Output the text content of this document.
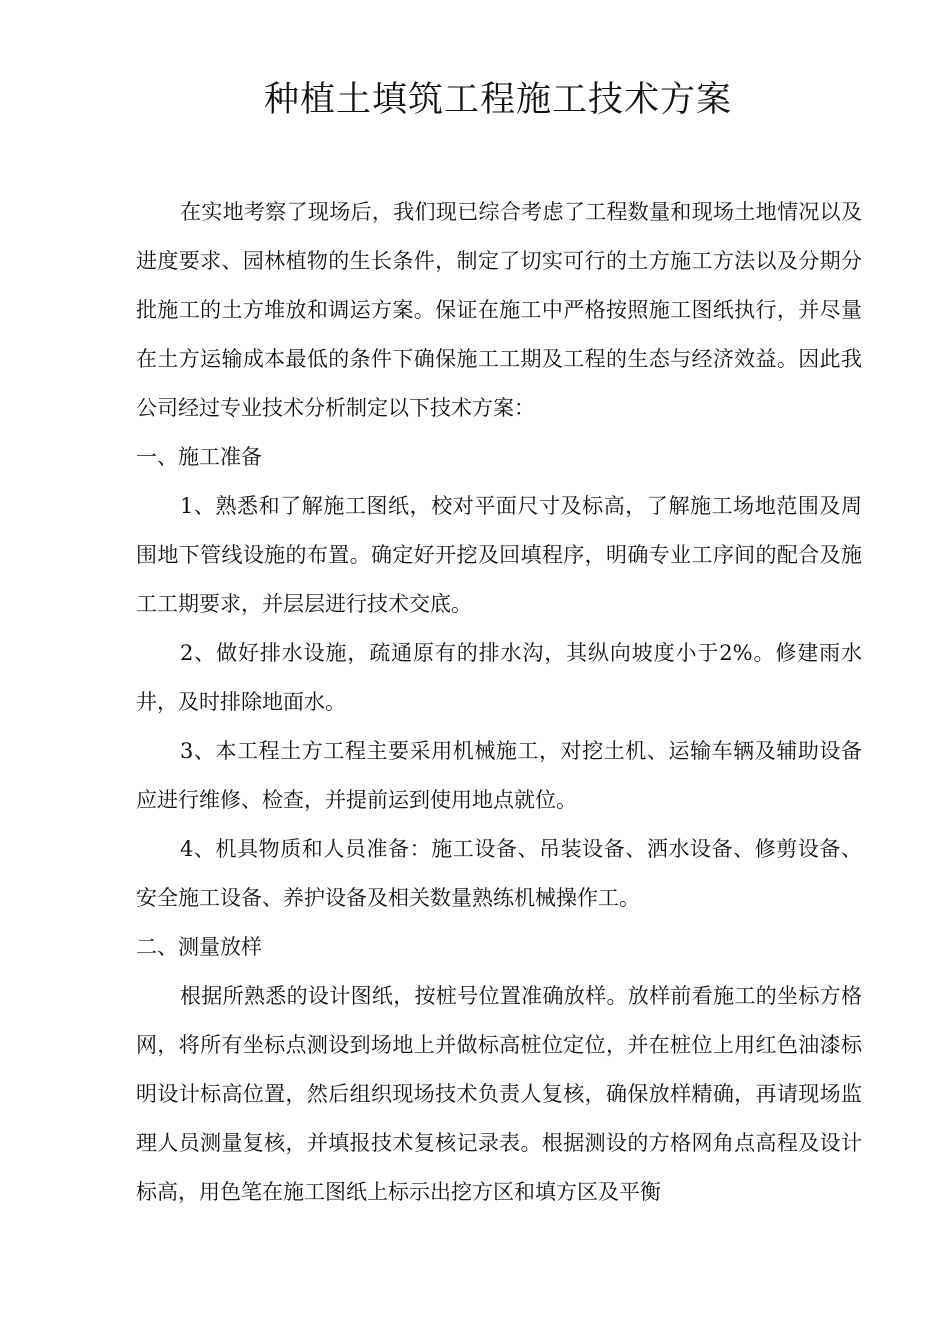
种植土填筑工程施工技术方案

在实地考察了现场后，我们现已综合考虑了工程数量和现场土地情况以及进度要求、园林植物的生长条件，制定了切实可行的土方施工方法以及分期分批施工的土方堆放和调运方案。保证在施工中严格按照施工图纸执行，并尽量在土方运输成本最低的条件下确保施工工期及工程的生态与经济效益。因此我公司经过专业技术分析制定以下技术方案：

一、施工准备

1、熟悉和了解施工图纸，校对平面尺寸及标高，了解施工场地范围及周围地下管线设施的布置。确定好开挖及回填程序，明确专业工序间的配合及施工工期要求，并层层进行技术交底。

2、做好排水设施，疏通原有的排水沟，其纵向坡度小于2%。修建雨水井，及时排除地面水。

3、本工程土方工程主要采用机械施工，对挖土机、运输车辆及辅助设备应进行维修、检查，并提前运到使用地点就位。

4、机具物质和人员准备：施工设备、吊装设备、洒水设备、修剪设备、安全施工设备、养护设备及相关数量熟练机械操作工。

二、测量放样

根据所熟悉的设计图纸，按桩号位置准确放样。放样前看施工的坐标方格网，将所有坐标点测设到场地上并做标高桩位定位，并在桩位上用红色油漆标明设计标高位置，然后组织现场技术负责人复核，确保放样精确，再请现场监理人员测量复核，并填报技术复核记录表。根据测设的方格网角点高程及设计标高，用色笔在施工图纸上标示出挖方区和填方区及平衡
